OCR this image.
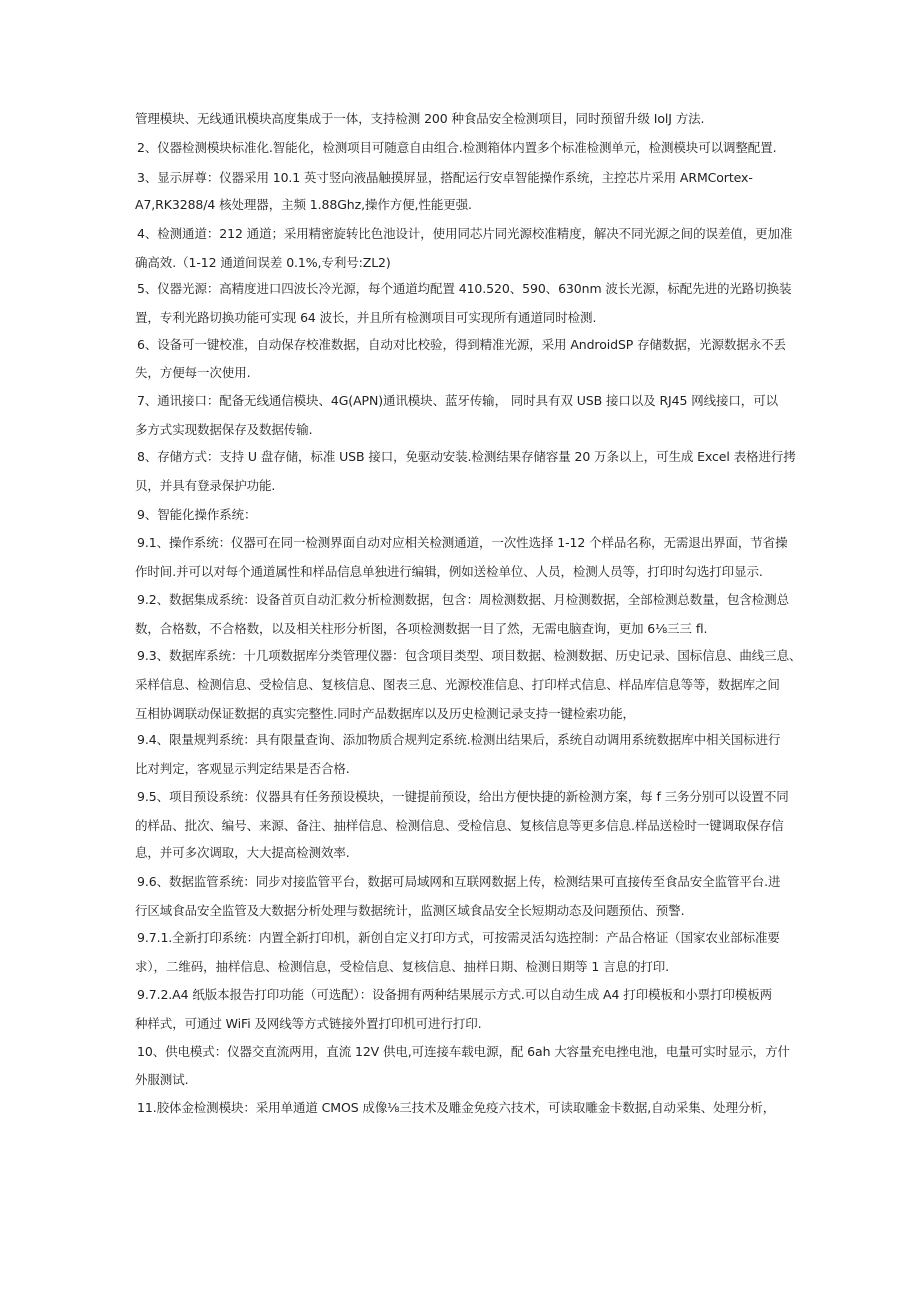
管理模块、无线通讯模块高度集成于一体，支持检测 200 种食品安全检测项目，同时预留升级 IolJ 方法.
2、仪器检测模块标准化.智能化，检测项目可随意自由组合.检测箱体内置多个标准检测单元，检测模块可以调整配置.
3、显示屏尊：仪器采用 10.1 英寸竖向液晶触摸屏显，搭配运行安卓智能操作系统，主控芯片采用 ARMCortex-
A7,RK3288/4 核处理器，主频 1.88Ghz,操作方便,性能更强.
4、检测通道：212 通道；采用精密旋转比色池设计，使用同芯片同光源校准精度，解决不同光源之间的误差值，更加准
确高效.（1-12 通道间误差 0.1%,专利号:ZL2)
5、仪器光源：高精度进口四波长冷光源，每个通道均配置 410.520、590、630nm 波长光源，标配先进的光路切换装
置，专利光路切换功能可实现 64 波长，并且所有检测项目可实现所有通道同时检测.
6、设备可一键校准，自动保存校准数据，自动对比校验，得到精准光源，采用 AndroidSP 存储数据，光源数据永不丢
失，方便每一次使用.
7、通讯接口：配备无线通信模块、4G(APN)通讯模块、蓝牙传输， 同时具有双 USB 接口以及 RJ45 网线接口，可以
多方式实现数据保存及数据传输.
8、存储方式：支持 U 盘存储，标准 USB 接口，免驱动安装.检测结果存储容量 20 万条以上，可生成 Excel 表格进行拷
贝，并具有登录保护功能.
9、智能化操作系统：
9.1、操作系统：仪器可在同一检测界面自动对应相关检测通道，一次性选择 1-12 个样品名称，无需退出界面，节省操
作时间.并可以对每个通道属性和样品信息单独进行编辑，例如送检单位、人员，检测人员等，打印时勾选打印显示.
9.2、数据集成系统：设备首页自动汇救分析检测数据，包含：周检测数据、月检测数据，全部检测总数量，包含检测总
数，合格数，不合格数，以及相关柱形分析图，各项检测数据一目了然，无需电脑查询，更加 6⅛三三 fl.
9.3、数据库系统：十几项数据库分类管理仪器：包含项目类型、项目数据、检测数据、历史记录、国标信息、曲线三息、
采样信息、检测信息、受检信息、复核信息、图表三息、光源校准信息、打印样式信息、样品库信息等等，数据库之间
互相协调联动保证数据的真实完整性.同时产品数据库以及历史检测记录支持一键检索功能，
9.4、限量规判系统：具有限量查询、添加物质合规判定系统.检测出结果后，系统自动调用系统数据库中相关国标进行
比对判定，客观显示判定结果是否合格.
9.5、项目预设系统：仪器具有任务预设模块，一键提前预设，给出方便快捷的新检测方案，每 f 三务分别可以设置不同
的样品、批次、编号、来源、备注、抽样信息、检测信息、受检信息、复核信息等更多信息.样品送检时一键调取保存信
息，并可多次调取，大大提高检测效率.
9.6、数据监管系统：同步对接监管平台，数据可局域网和互联网数据上传，检测结果可直接传至食品安全监管平台.进
行区域食品安全监管及大数据分析处理与数据统计，监测区域食品安全长短期动态及问题预估、预警.
9.7.1.全新打印系统：内置全新打印机，新创自定义打印方式，可按需灵活勾选控制：产品合格证（国家农业部标准要
求），二维码，抽样信息、检测信息，受检信息、复核信息、抽样日期、检测日期等 1 言息的打印.
9.7.2.A4 纸版本报告打印功能（可选配）：设备拥有两种结果展示方式.可以自动生成 A4 打印模板和小票打印模板两
种样式，可通过 WiFi 及网线等方式链接外置打印机可进行打印.
10、供电模式：仪器交直流两用，直流 12V 供电,可连接车载电源，配 6ah 大容量充电挫电池，电量可实时显示，方什
外服测试.
11.胶体金检测模块：采用单通道 CMOS 成像⅛三技术及雕金免疫六技术，可读取雕金卡数据,自动采集、处理分析，
